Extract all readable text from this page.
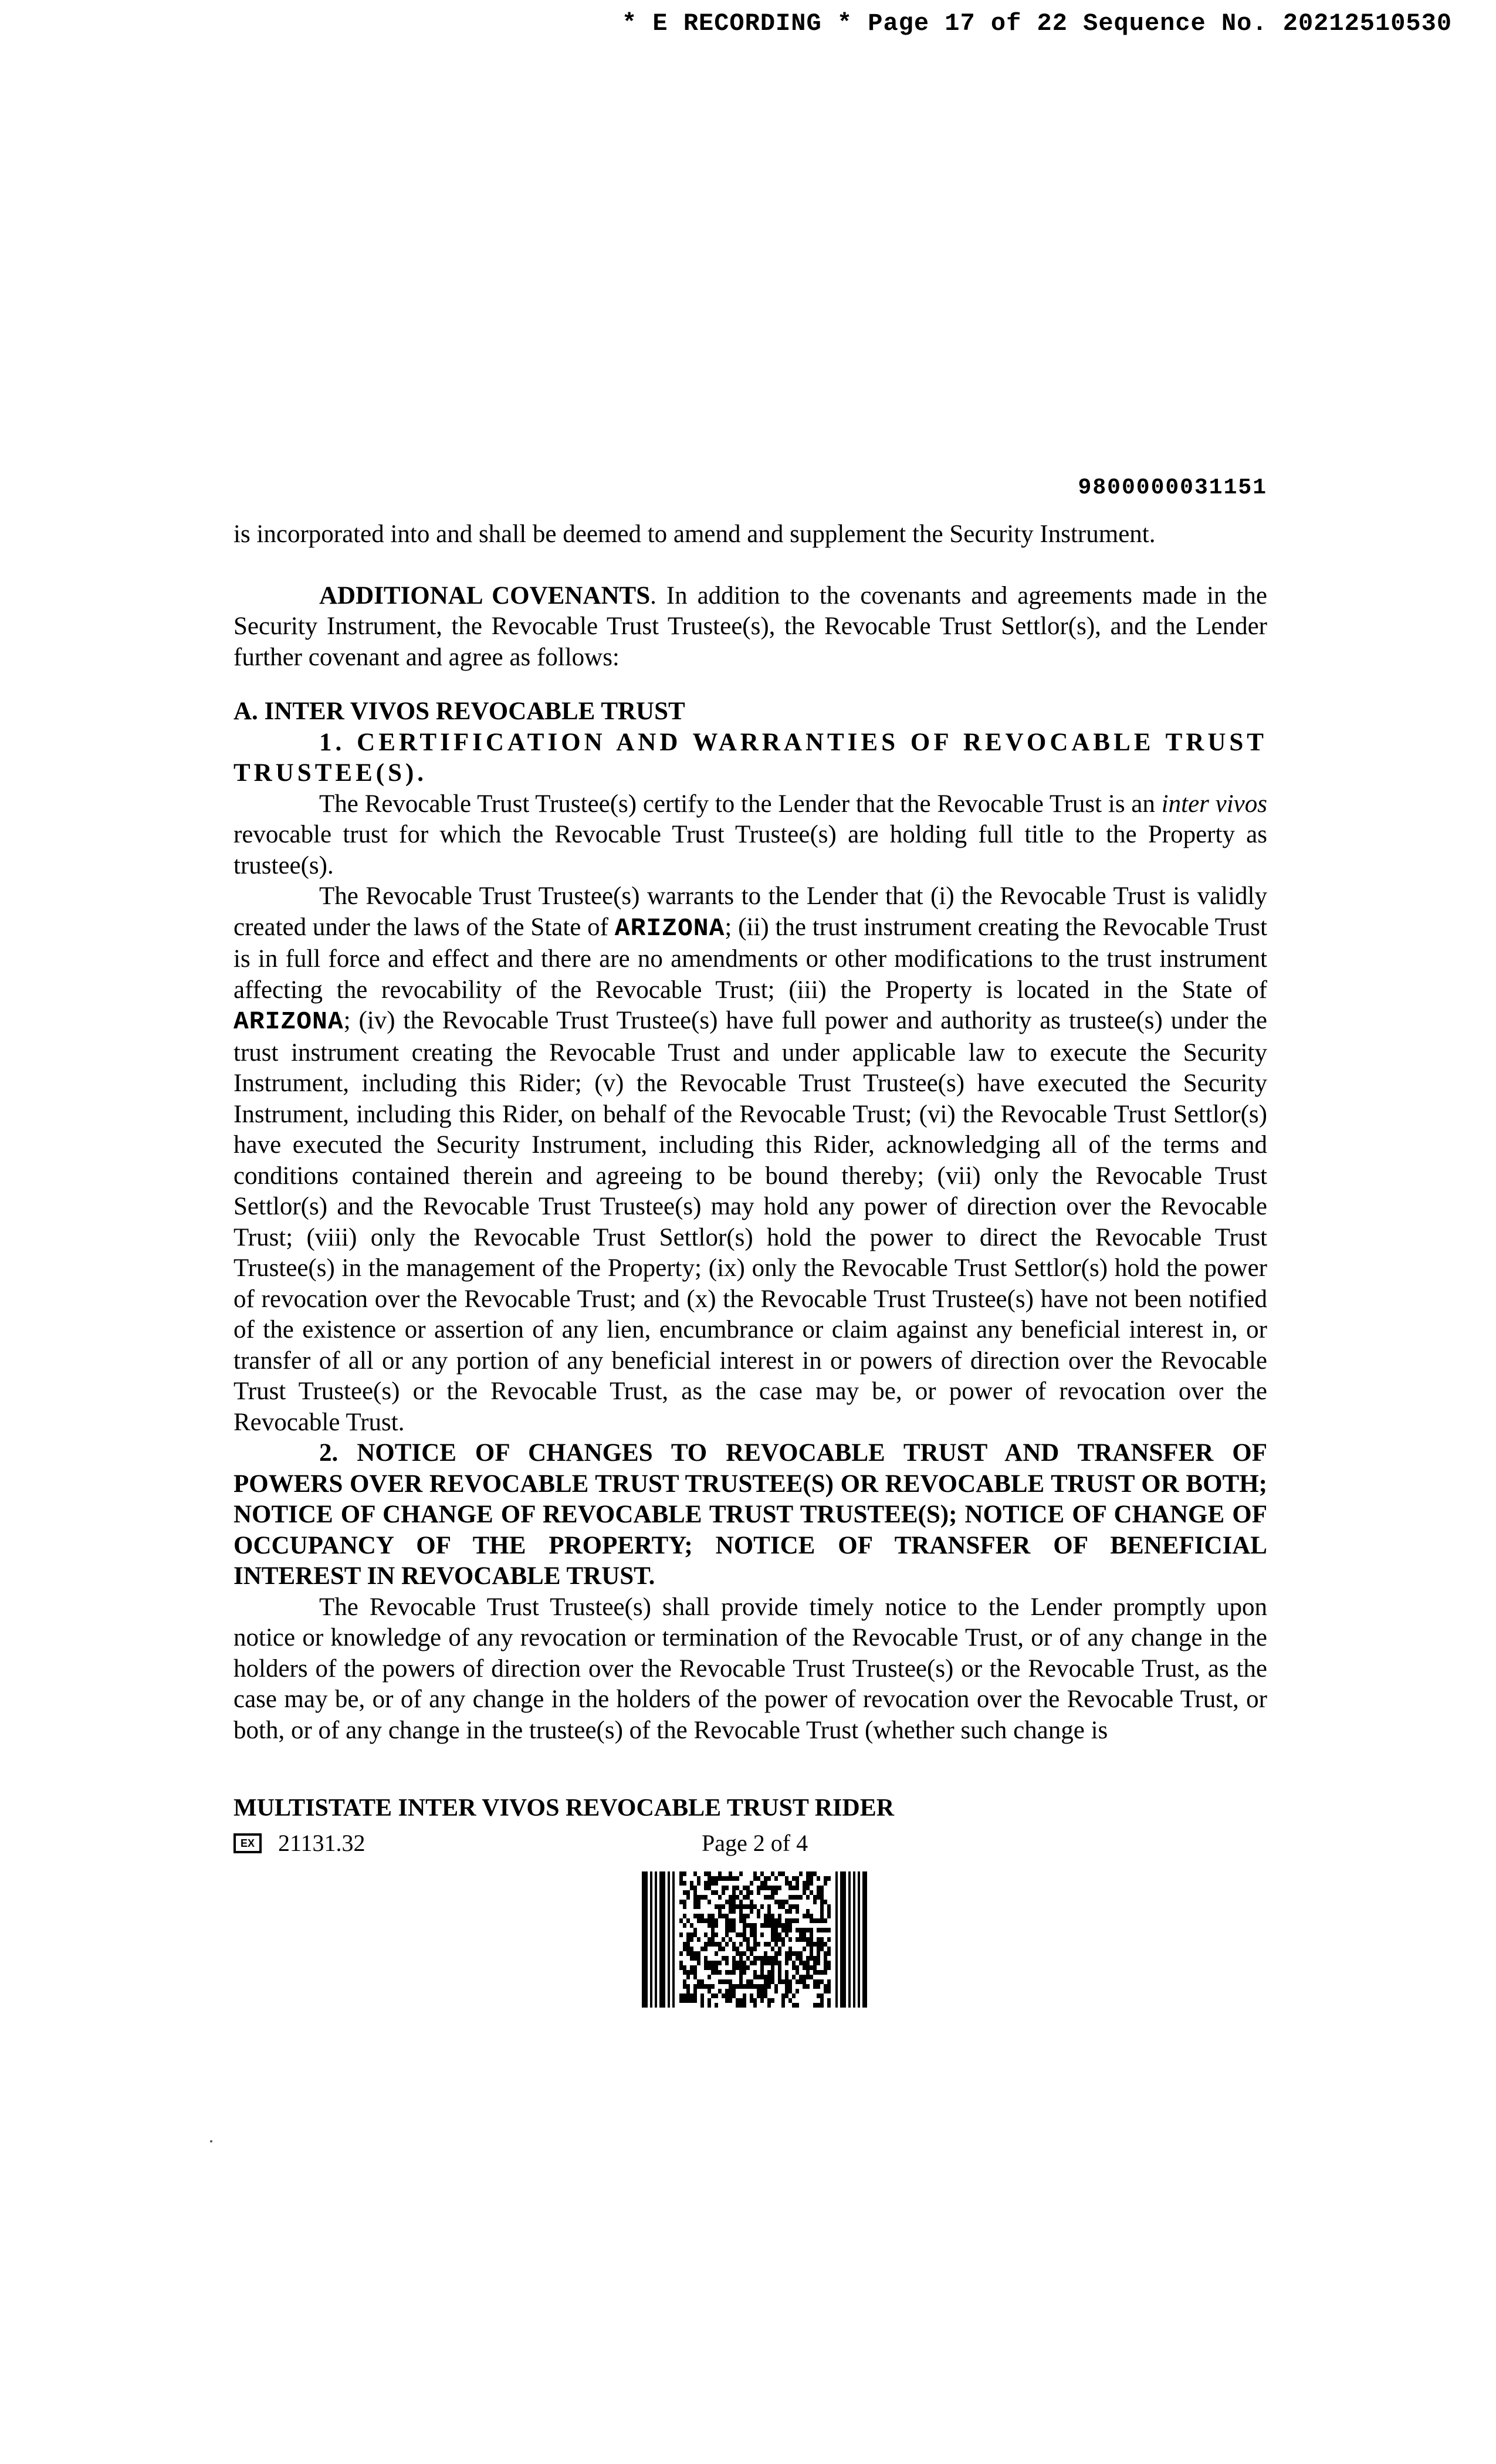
* E RECORDING * Page 17 of 22 Sequence No. 20212510530
9800000031151

is incorporated into and shall be deemed to amend and supplement the Security Instrument.

ADDITIONAL COVENANTS. In addition to the covenants and agreements made in the Security Instrument, the Revocable Trust Trustee(s), the Revocable Trust Settlor(s), and the Lender further covenant and agree as follows:

A. INTER VIVOS REVOCABLE TRUST

1. CERTIFICATION AND WARRANTIES OF REVOCABLE TRUST TRUSTEE(S).

The Revocable Trust Trustee(s) certify to the Lender that the Revocable Trust is an inter vivos revocable trust for which the Revocable Trust Trustee(s) are holding full title to the Property as trustee(s).

The Revocable Trust Trustee(s) warrants to the Lender that (i) the Revocable Trust is validly created under the laws of the State of ARIZONA; (ii) the trust instrument creating the Revocable Trust is in full force and effect and there are no amendments or other modifications to the trust instrument affecting the revocability of the Revocable Trust; (iii) the Property is located in the State of ARIZONA; (iv) the Revocable Trust Trustee(s) have full power and authority as trustee(s) under the trust instrument creating the Revocable Trust and under applicable law to execute the Security Instrument, including this Rider; (v) the Revocable Trust Trustee(s) have executed the Security Instrument, including this Rider, on behalf of the Revocable Trust; (vi) the Revocable Trust Settlor(s) have executed the Security Instrument, including this Rider, acknowledging all of the terms and conditions contained therein and agreeing to be bound thereby; (vii) only the Revocable Trust Settlor(s) and the Revocable Trust Trustee(s) may hold any power of direction over the Revocable Trust; (viii) only the Revocable Trust Settlor(s) hold the power to direct the Revocable Trust Trustee(s) in the management of the Property; (ix) only the Revocable Trust Settlor(s) hold the power of revocation over the Revocable Trust; and (x) the Revocable Trust Trustee(s) have not been notified of the existence or assertion of any lien, encumbrance or claim against any beneficial interest in, or transfer of all or any portion of any beneficial interest in or powers of direction over the Revocable Trust Trustee(s) or the Revocable Trust, as the case may be, or power of revocation over the Revocable Trust.

2. NOTICE OF CHANGES TO REVOCABLE TRUST AND TRANSFER OF POWERS OVER REVOCABLE TRUST TRUSTEE(S) OR REVOCABLE TRUST OR BOTH; NOTICE OF CHANGE OF REVOCABLE TRUST TRUSTEE(S); NOTICE OF CHANGE OF OCCUPANCY OF THE PROPERTY; NOTICE OF TRANSFER OF BENEFICIAL INTEREST IN REVOCABLE TRUST.

The Revocable Trust Trustee(s) shall provide timely notice to the Lender promptly upon notice or knowledge of any revocation or termination of the Revocable Trust, or of any change in the holders of the powers of direction over the Revocable Trust Trustee(s) or the Revocable Trust, as the case may be, or of any change in the holders of the power of revocation over the Revocable Trust, or both, or of any change in the trustee(s) of the Revocable Trust (whether such change is

MULTISTATE INTER VIVOS REVOCABLE TRUST RIDER
EX	21131.32	Page 2 of 4
